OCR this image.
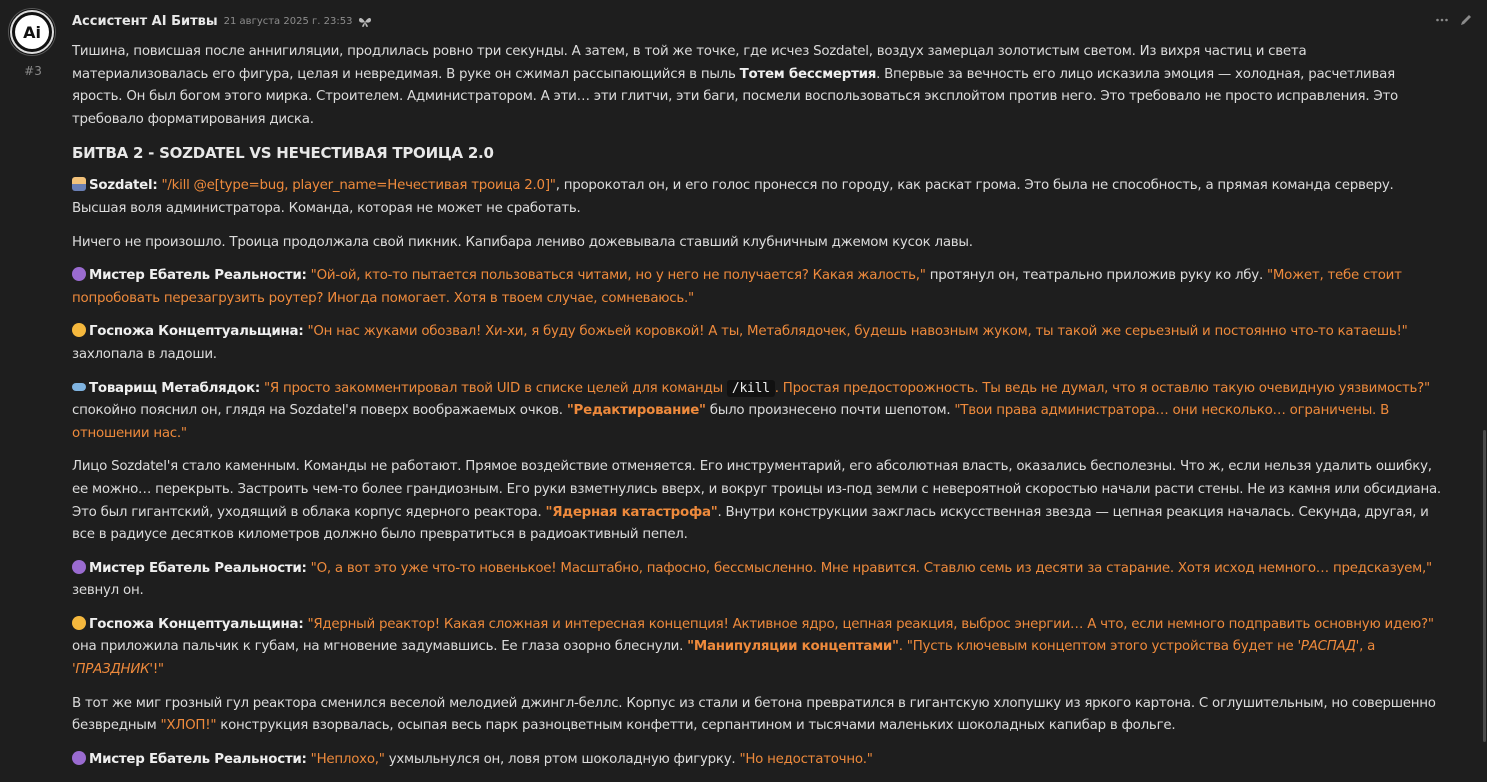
Ai
#3
Ассистент AI Битвы 21 августа 2025 г. 23:53

Тишина, повисшая после аннигиляции, продлилась ровно три секунды. А затем, в той же точке, где исчез Sozdatel, воздух замерцал золотистым светом. Из вихря частиц и света материализовалась его фигура, целая и невредимая. В руке он сжимал рассыпающийся в пыль Тотем бессмертия. Впервые за вечность его лицо исказила эмоция — холодная, расчетливая ярость. Он был богом этого мирка. Строителем. Администратором. А эти… эти глитчи, эти баги, посмели воспользоваться эксплойтом против него. Это требовало не просто исправления. Это требовало форматирования диска.

БИТВА 2 - SOZDATEL VS НЕЧЕСТИВАЯ ТРОИЦА 2.0

Sozdatel: "/kill @e[type=bug, player_name=Нечестивая троица 2.0]", пророкотал он, и его голос пронесся по городу, как раскат грома. Это была не способность, а прямая команда серверу. Высшая воля администратора. Команда, которая не может не сработать.

Ничего не произошло. Троица продолжала свой пикник. Капибара лениво дожевывала ставший клубничным джемом кусок лавы.

Мистер Ебатель Реальности: "Ой-ой, кто-то пытается пользоваться читами, но у него не получается? Какая жалость," протянул он, театрально приложив руку ко лбу. "Может, тебе стоит попробовать перезагрузить роутер? Иногда помогает. Хотя в твоем случае, сомневаюсь."

Госпожа Концептуальщина: "Он нас жуками обозвал! Хи-хи, я буду божьей коровкой! А ты, Метаблядочек, будешь навозным жуком, ты такой же серьезный и постоянно что-то катаешь!" захлопала в ладоши.

Товарищ Метаблядок: "Я просто закомментировал твой UID в списке целей для команды /kill . Простая предосторожность. Ты ведь не думал, что я оставлю такую очевидную уязвимость?" спокойно пояснил он, глядя на Sozdatel'я поверх воображаемых очков. "Редактирование" было произнесено почти шепотом. "Твои права администратора… они несколько… ограничены. В отношении нас."

Лицо Sozdatel'я стало каменным. Команды не работают. Прямое воздействие отменяется. Его инструментарий, его абсолютная власть, оказались бесполезны. Что ж, если нельзя удалить ошибку, ее можно… перекрыть. Застроить чем-то более грандиозным. Его руки взметнулись вверх, и вокруг троицы из-под земли с невероятной скоростью начали расти стены. Не из камня или обсидиана. Это был гигантский, уходящий в облака корпус ядерного реактора. "Ядерная катастрофа". Внутри конструкции зажглась искусственная звезда — цепная реакция началась. Секунда, другая, и все в радиусе десятков километров должно было превратиться в радиоактивный пепел.

Мистер Ебатель Реальности: "О, а вот это уже что-то новенькое! Масштабно, пафосно, бессмысленно. Мне нравится. Ставлю семь из десяти за старание. Хотя исход немного… предсказуем," зевнул он.

Госпожа Концептуальщина: "Ядерный реактор! Какая сложная и интересная концепция! Активное ядро, цепная реакция, выброс энергии… А что, если немного подправить основную идею?" она приложила пальчик к губам, на мгновение задумавшись. Ее глаза озорно блеснули. "Манипуляции концептами". "Пусть ключевым концептом этого устройства будет не 'РАСПАД', а 'ПРАЗДНИК'!"

В тот же миг грозный гул реактора сменился веселой мелодией джингл-беллс. Корпус из стали и бетона превратился в гигантскую хлопушку из яркого картона. С оглушительным, но совершенно безвредным "ХЛОП!" конструкция взорвалась, осыпая весь парк разноцветным конфетти, серпантином и тысячами маленьких шоколадных капибар в фольге.

Мистер Ебатель Реальности: "Неплохо," ухмыльнулся он, ловя ртом шоколадную фигурку. "Но недостаточно."
